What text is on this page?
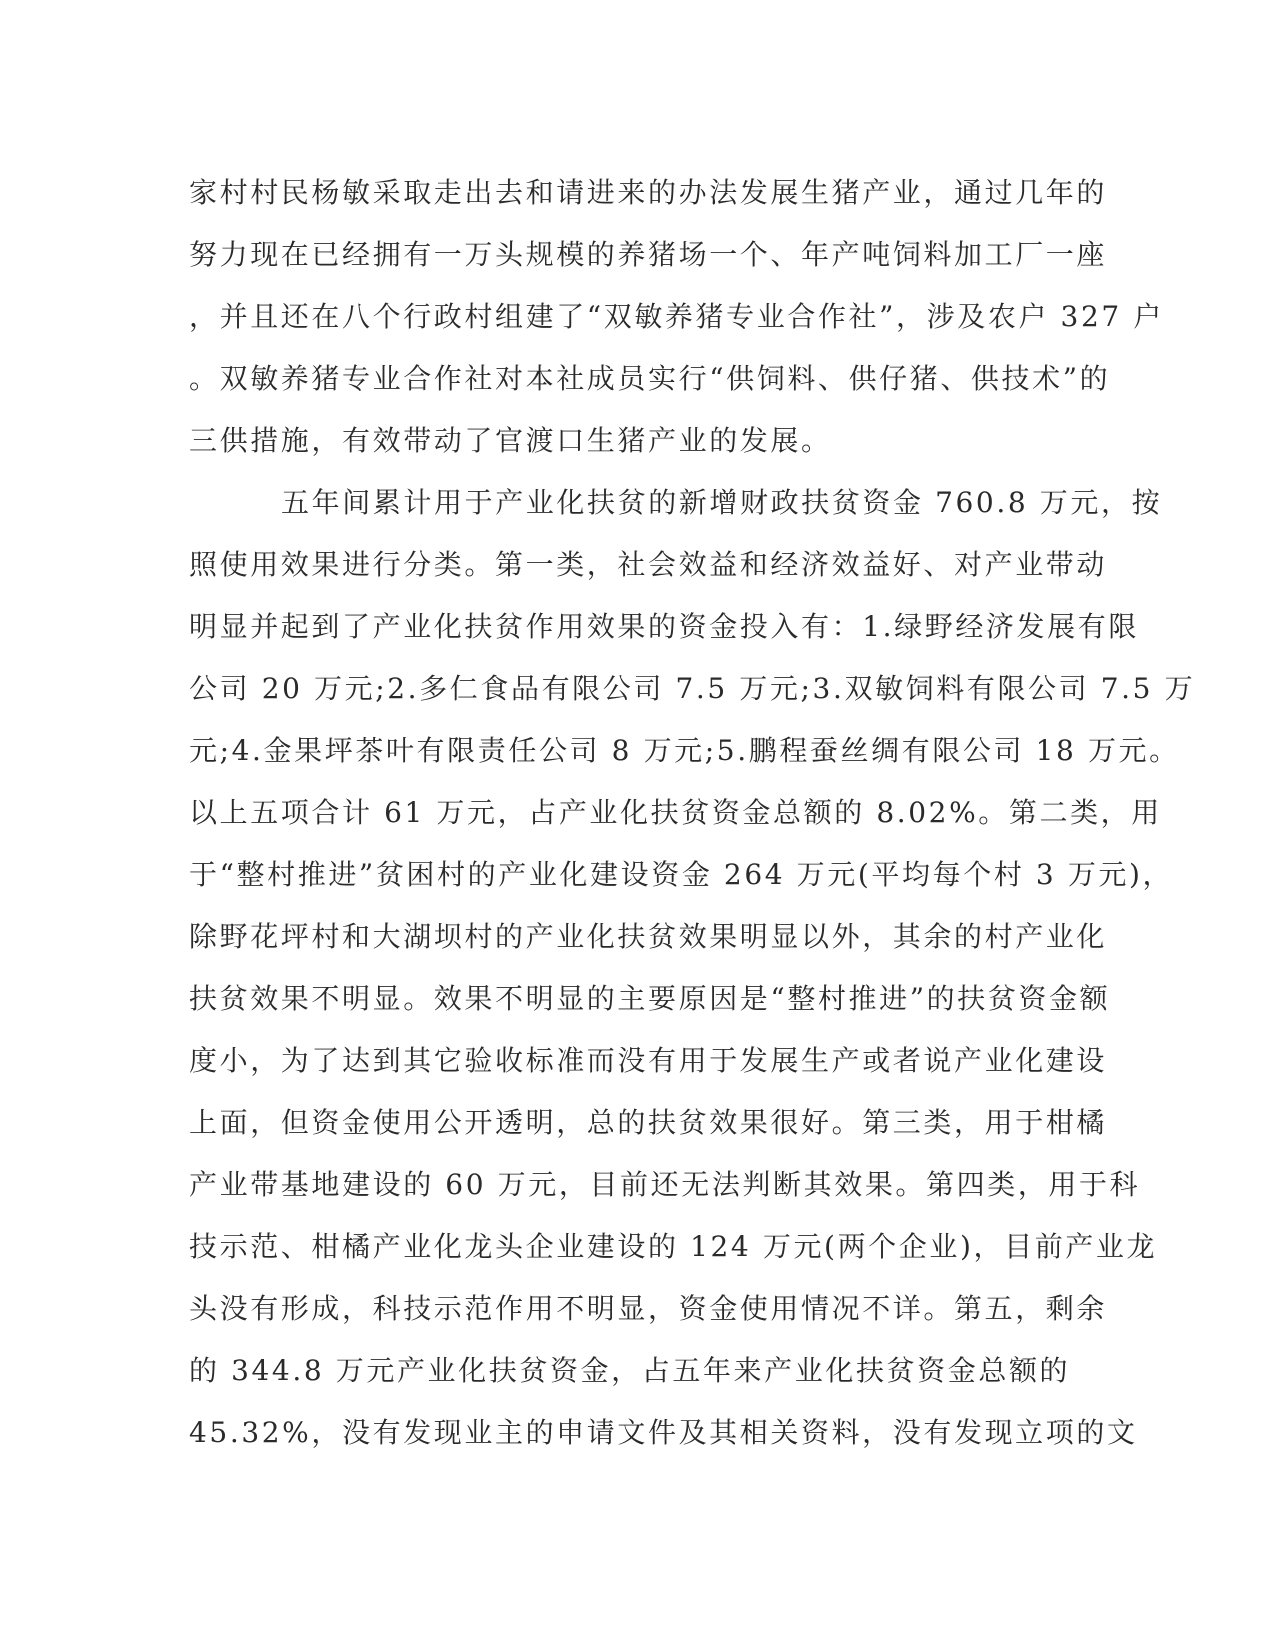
家村村民杨敏采取走出去和请进来的办法发展生猪产业，通过几年的
努力现在已经拥有一万头规模的养猪场一个、年产吨饲料加工厂一座
，并且还在八个行政村组建了“双敏养猪专业合作社”，涉及农户 327 户
。双敏养猪专业合作社对本社成员实行“供饲料、供仔猪、供技术”的
三供措施，有效带动了官渡口生猪产业的发展。
五年间累计用于产业化扶贫的新增财政扶贫资金 760.8 万元，按
照使用效果进行分类。第一类，社会效益和经济效益好、对产业带动
明显并起到了产业化扶贫作用效果的资金投入有：1.绿野经济发展有限
公司 20 万元;2.多仁食品有限公司 7.5 万元;3.双敏饲料有限公司 7.5 万
元;4.金果坪茶叶有限责任公司 8 万元;5.鹏程蚕丝绸有限公司 18 万元。
以上五项合计 61 万元，占产业化扶贫资金总额的 8.02%。第二类，用
于“整村推进”贫困村的产业化建设资金 264 万元(平均每个村 3 万元)，
除野花坪村和大湖坝村的产业化扶贫效果明显以外，其余的村产业化
扶贫效果不明显。效果不明显的主要原因是“整村推进”的扶贫资金额
度小，为了达到其它验收标准而没有用于发展生产或者说产业化建设
上面，但资金使用公开透明，总的扶贫效果很好。第三类，用于柑橘
产业带基地建设的 60 万元，目前还无法判断其效果。第四类，用于科
技示范、柑橘产业化龙头企业建设的 124 万元(两个企业)，目前产业龙
头没有形成，科技示范作用不明显，资金使用情况不详。第五，剩余
的 344.8 万元产业化扶贫资金，占五年来产业化扶贫资金总额的
45.32%，没有发现业主的申请文件及其相关资料，没有发现立项的文
